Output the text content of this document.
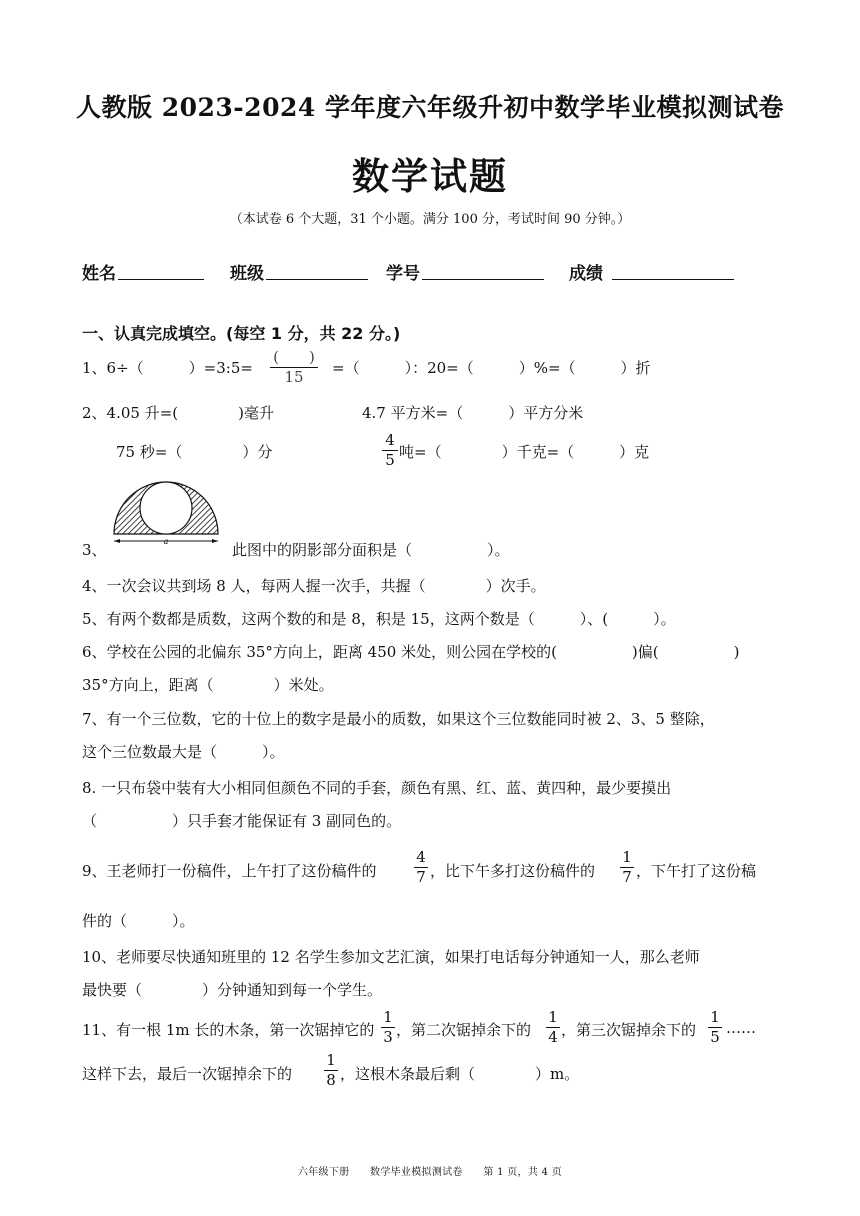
人教版 2023-2024 学年度六年级升初中数学毕业模拟测试卷
数学试题
（本试卷 6 个大题，31 个小题。满分 100 分，考试时间 90 分钟。）
姓名	班级	学号	成绩
一、认真完成填空。(每空 1 分，共 22 分。)
1、6÷（　　　）=3:5=
(　　)
15	=（　　　）：20=（　　　）%=（　　　）折
2、4.05 升=(　　　　)毫升	4.7 平方米=（　　　）平方分米
75 秒=（　　　　）分
4
5 吨=（　　　　）千克=（　　　）克
3、	a	此图中的阴影部分面积是（　　　　　）。
4、一次会议共到场 8 人，每两人握一次手，共握（　　　　）次手。
5、有两个数都是质数，这两个数的和是 8，积是 15，这两个数是（　　　）、(　　　）。
6、学校在公园的北偏东 35°方向上，距离 450 米处，则公园在学校的(　　　　　)偏(　　　　　)
35°方向上，距离（　　　　）米处。
7、有一个三位数，它的十位上的数字是最小的质数，如果这个三位数能同时被 2、3、5 整除，
这个三位数最大是（　　　）。
8. 一只布袋中装有大小相同但颜色不同的手套，颜色有黑、红、蓝、黄四种，最少要摸出
（　　　　　）只手套才能保证有 3 副同色的。
9、王老师打一份稿件，上午打了这份稿件的
4
7 ，比下午多打这份稿件的
1
7 ，下午打了这份稿
件的（　　　）。
10、老师要尽快通知班里的 12 名学生参加文艺汇演，如果打电话每分钟通知一人，那么老师
最快要（　　　　）分钟通知到每一个学生。
11、有一根 1m 长的木条，第一次锯掉它的
1
3 ，第二次锯掉余下的
1
4 ，第三次锯掉余下的
1
5 ……
这样下去，最后一次锯掉余下的
1
8 ，这根木条最后剩（　　　　）m。
六年级下册　　数学毕业模拟测试卷　　第 1 页，共 4 页
